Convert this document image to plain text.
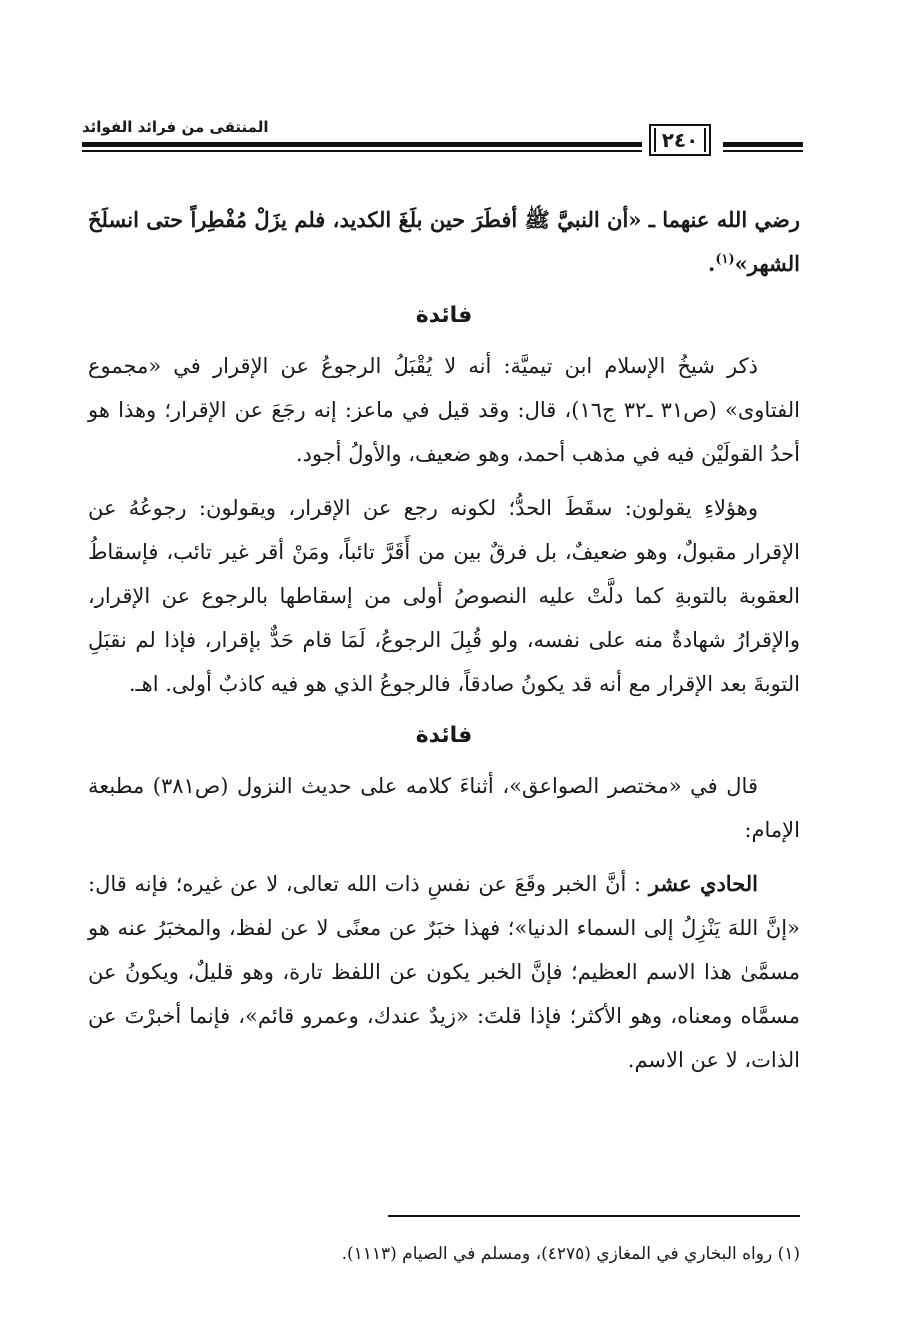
المنتقى من فرائد الفوائد
٢٤٠

رضي الله عنهما ـ «أن النبيَّ ﷺ أفطَرَ حين بلَغَ الكديد، فلم يزَلْ مُفْطِراً حتى انسلَخَ الشهر»$^{(١)}$.

فائدة

ذكر شيخُ الإسلام ابن تيميَّة: أنه لا يُقْبَلُ الرجوعُ عن الإقرار في «مجموع الفتاوى» (ص٣١ ـ٣٢ ج١٦)، قال: وقد قيل في ماعز: إنه رجَعَ عن الإقرار؛ وهذا هو أحدُ القولَيْن فيه في مذهب أحمد، وهو ضعيف، والأولُ أجود.

وهؤلاءِ يقولون: سقَطَ الحدُّ؛ لكونه رجع عن الإقرار، ويقولون: رجوعُهُ عن الإقرار مقبولٌ، وهو ضعيفٌ، بل فرقٌ بين من أَقَرَّ تائباً، ومَنْ أقر غير تائب، فإسقاطُ العقوبة بالتوبةِ كما دلَّتْ عليه النصوصُ أولى من إسقاطها بالرجوع عن الإقرار، والإقرارُ شهادةٌ منه على نفسه، ولو قُبِلَ الرجوعُ، لَمَا قام حَدٌّ بإقرار، فإذا لم نقبَلِ التوبةَ بعد الإقرار مع أنه قد يكونُ صادقاً، فالرجوعُ الذي هو فيه كاذبٌ أولى. اهـ.

فائدة

قال في «مختصر الصواعق»، أثناءَ كلامه على حديث النزول (ص٣٨١) مطبعة الإمام:

الحادي عشر : أنَّ الخبر وقَعَ عن نفسِ ذات الله تعالى، لا عن غيره؛ فإنه قال: «إنَّ اللهَ يَنْزِلُ إلى السماء الدنيا»؛ فهذا خبَرٌ عن معنًى لا عن لفظ، والمخبَرُ عنه هو مسمَّىٰ هذا الاسم العظيم؛ فإنَّ الخبر يكون عن اللفظ تارة، وهو قليلٌ، ويكونُ عن مسمَّاه ومعناه، وهو الأكثر؛ فإذا قلتَ: «زيدٌ عندك، وعمرو قائم»، فإنما أخبرْتَ عن الذات، لا عن الاسم.

(١) رواه البخاري في المغازي (٤٢٧٥)، ومسلم في الصيام (١١١٣).
